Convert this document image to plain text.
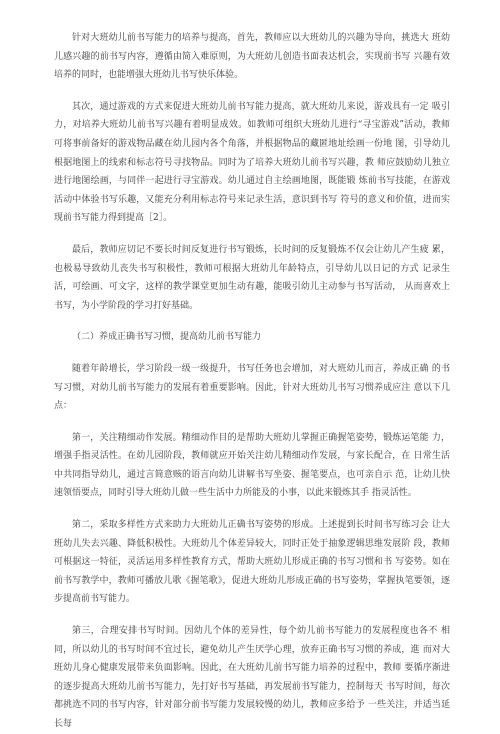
针对大班幼儿前书写能力的培养与提高，首先，教师应以大班幼儿的兴趣为导向，挑选大 班幼儿感兴趣的前书写内容，遵循由简入难原则，为大班幼儿创造书面表达机会，实现前书写 兴趣有效培养的同时，也能增强大班幼儿书写快乐体验。

其次，通过游戏的方式来促进大班幼儿前书写能力提高，就大班幼儿来说，游戏具有一定 吸引力，对培养大班幼儿前书写兴趣有着明显成效。如教师可组织大班幼儿进行“寻宝游戏”活动，教师可将事前备好的游戏物品藏在幼儿园内各个角落，并根据物品的藏匿地址绘画一份地 图，引导幼儿根据地图上的线索和标志符号寻找物品。同时为了培养大班幼儿前书写兴趣，教 师应鼓励幼儿独立进行地图绘画，与同伴一起进行寻宝游戏。幼儿通过自主绘画地图，既能锻 炼前书写技能，在游戏活动中体验书写乐趣，又能充分利用标志符号来记录生活，意识到书写 符号的意义和价值，进而实现前书写能力得到提高［2］。

最后，教师应切记不要长时间反复进行书写锻炼，长时间的反复锻炼不仅会让幼儿产生疲 累，也极易导致幼儿丧失书写积极性，教师可根据大班幼儿年龄特点，引导幼儿以日记的方式 记录生活，可绘画、可文字，这样的教学课堂更加生动有趣，能吸引幼儿主动参与书写活动， 从而喜欢上书写，为小学阶段的学习打好基础。

（二）养成正确书写习惯，提高幼儿前书写能力

随着年龄增长，学习阶段一级一级提升，书写任务也会增加，对大班幼儿而言，养成正确 的书写习惯，对幼儿前书写能力的发展有着重要影响。因此，针对大班幼儿书写习惯养成应注 意以下几点：

第一，关注精细动作发展。精细动作目的是帮助大班幼儿掌握正确握笔姿势，锻炼运笔能 力，增强手指灵活性。在幼儿园阶段，教师就应开始关注幼儿精细动作发展，与家长配合，在 日常生活中共同指导幼儿，通过言简意赅的语言向幼儿讲解书写坐姿、握笔要点，也可亲自示 范，让幼儿快速领悟要点，同时引导大班幼儿做一些生活中力所能及的小事，以此来锻炼其手 指灵活性。

第二，采取多样性方式来助力大班幼儿正确书写姿势的形成。上述提到长时间书写练习会 让大班幼儿失去兴趣、降低积极性。大班幼儿个体差异较大，同时正处于抽象逻辑思维发展阶 段，教师可根据这一特征，灵活运用多样性教育方式，帮助大班幼儿形成正确的书写习惯和书 写姿势。如在前书写教学中，教师可播放儿歌《握笔歌》，促进大班幼儿形成正确的书写姿势，掌握执笔要领，逐步提高前书写能力。

第三，合理安排书写时间。因幼儿个体的差异性，每个幼儿前书写能力的发展程度也各不 相同，所以幼儿的书写时间不宜过长，避免幼儿产生厌学心理，放弃正确书写习惯的养成，進 而对大班幼儿身心健康发展带来负面影响。因此，在大班幼儿前书写能力培养的过程中，教师 要循序渐进的逐步提高大班幼儿前书写能力，先打好书写基础，再发展前书写能力，控制每天 书写时间，每次都挑选不同的书写内容，针对部分前书写能力发展较慢的幼儿，教师应多给予 一些关注，并适当延长每
